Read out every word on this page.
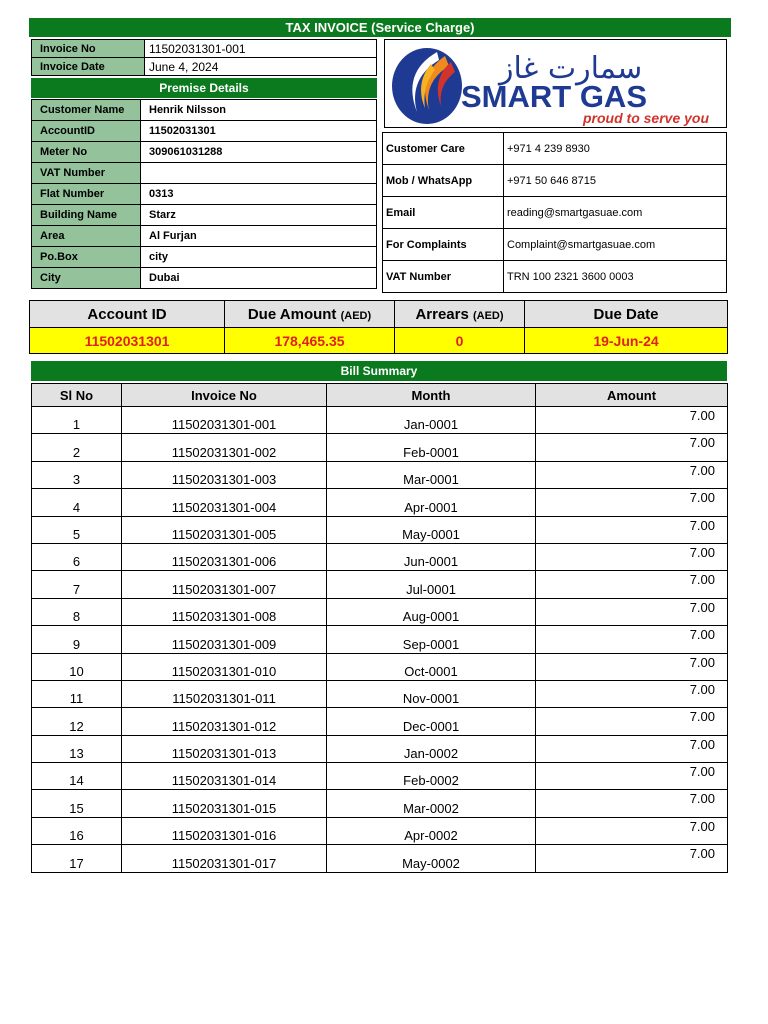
TAX INVOICE (Service Charge)
Invoice No	11502031301-001
Invoice Date	June 4, 2024
Premise Details
Customer Name	Henrik Nilsson
AccountID	11502031301
Meter No	309061031288
VAT Number	
Flat Number	0313
Building Name	Starz
Area	Al Furjan
Po.Box	city
City	Dubai
سمارت غاز
SMART GAS
proud to serve you
Customer Care	+971 4 239 8930
Mob / WhatsApp	+971 50 646 8715
Email	reading@smartgasuae.com
For Complaints	Complaint@smartgasuae.com
VAT Number	TRN 100 2321 3600 0003
Account ID	Due Amount (AED)	Arrears (AED)	Due Date
11502031301	178,465.35	0	19-Jun-24
Bill Summary
Sl No	Invoice No	Month	Amount
1	11502031301-001	Jan-0001	7.00
2	11502031301-002	Feb-0001	7.00
3	11502031301-003	Mar-0001	7.00
4	11502031301-004	Apr-0001	7.00
5	11502031301-005	May-0001	7.00
6	11502031301-006	Jun-0001	7.00
7	11502031301-007	Jul-0001	7.00
8	11502031301-008	Aug-0001	7.00
9	11502031301-009	Sep-0001	7.00
10	11502031301-010	Oct-0001	7.00
11	11502031301-011	Nov-0001	7.00
12	11502031301-012	Dec-0001	7.00
13	11502031301-013	Jan-0002	7.00
14	11502031301-014	Feb-0002	7.00
15	11502031301-015	Mar-0002	7.00
16	11502031301-016	Apr-0002	7.00
17	11502031301-017	May-0002	7.00
